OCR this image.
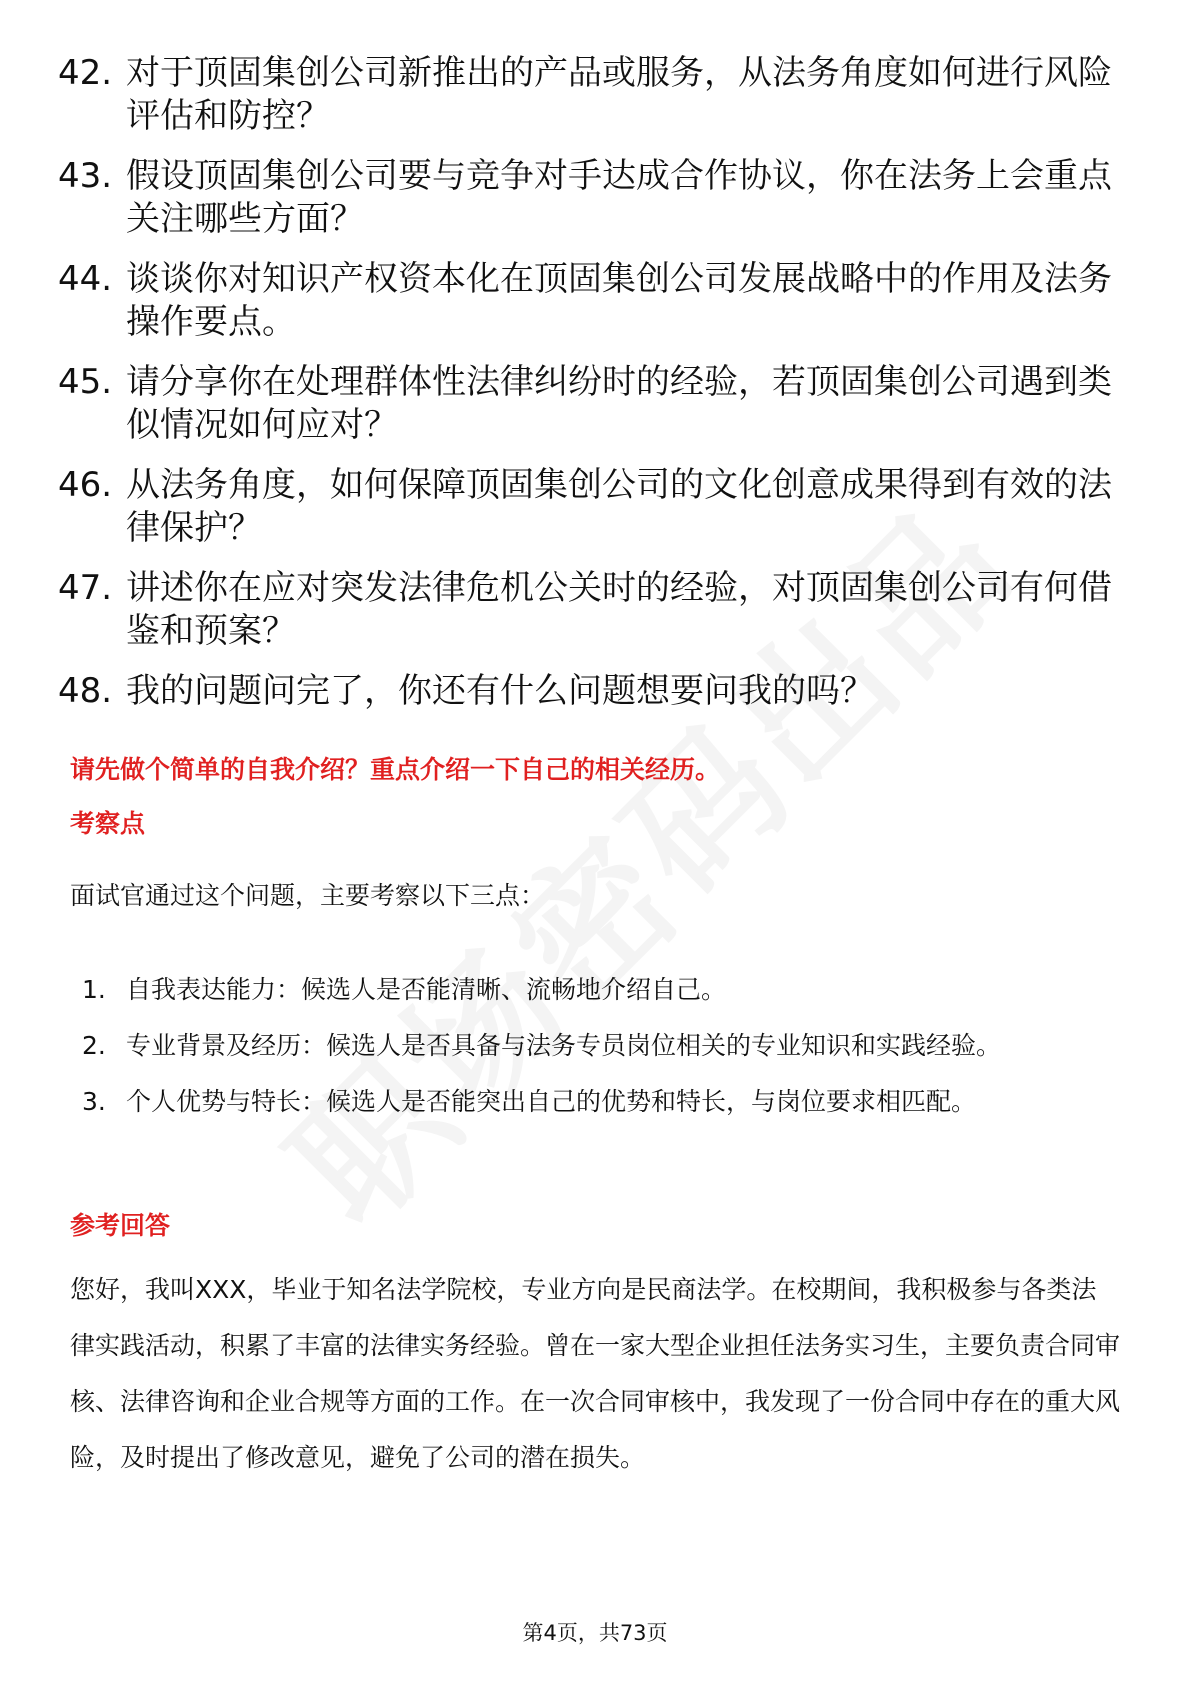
42. 对于顶固集创公司新推出的产品或服务，从法务角度如何进行风险评估和防控？
43. 假设顶固集创公司要与竞争对手达成合作协议，你在法务上会重点关注哪些方面？
44. 谈谈你对知识产权资本化在顶固集创公司发展战略中的作用及法务操作要点。
45. 请分享你在处理群体性法律纠纷时的经验，若顶固集创公司遇到类似情况如何应对？
46. 从法务角度，如何保障顶固集创公司的文化创意成果得到有效的法律保护？
47. 讲述你在应对突发法律危机公关时的经验，对顶固集创公司有何借鉴和预案？
48. 我的问题问完了，你还有什么问题想要问我的吗？
请先做个简单的自我介绍？重点介绍一下自己的相关经历。
考察点

面试官通过这个问题，主要考察以下三点：

1. 自我表达能力：候选人是否能清晰、流畅地介绍自己。
2. 专业背景及经历：候选人是否具备与法务专员岗位相关的专业知识和实践经验。
3. 个人优势与特长：候选人是否能突出自己的优势和特长，与岗位要求相匹配。
参考回答

您好，我叫XXX，毕业于知名法学院校，专业方向是民商法学。在校期间，我积极参与各类法律实践活动，积累了丰富的法律实务经验。曾在一家大型企业担任法务实习生，主要负责合同审核、法律咨询和企业合规等方面的工作。在一次合同审核中，我发现了一份合同中存在的重大风险，及时提出了修改意见，避免了公司的潜在损失。

第4页，共73页
